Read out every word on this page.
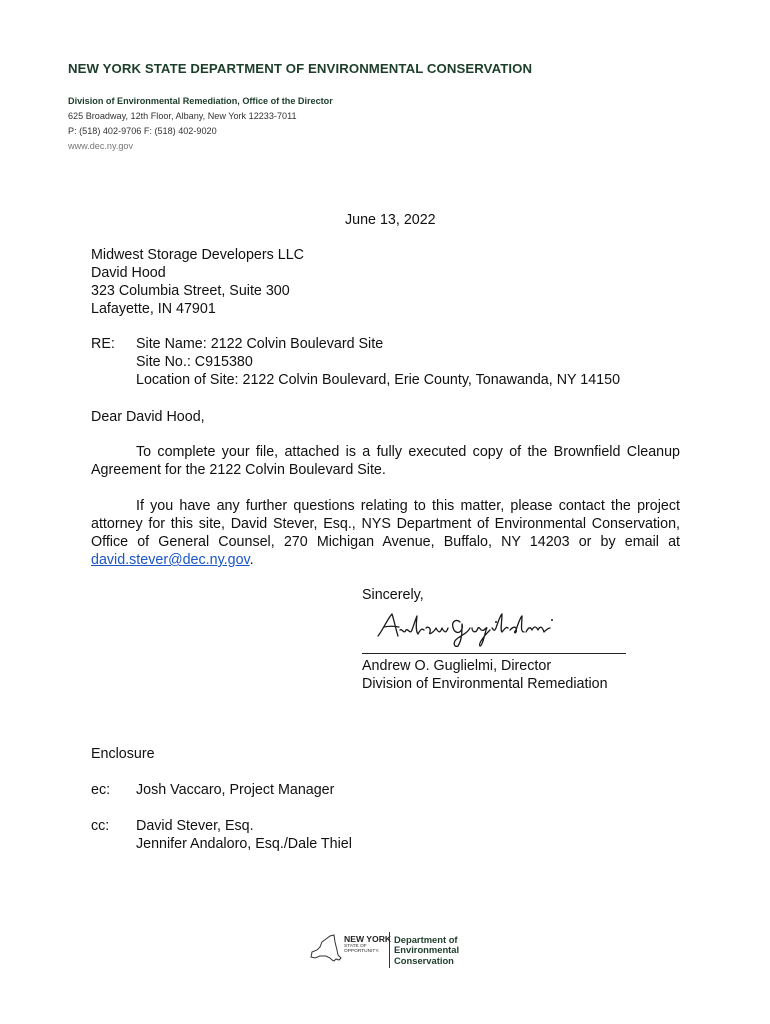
NEW YORK STATE DEPARTMENT OF ENVIRONMENTAL CONSERVATION
Division of Environmental Remediation, Office of the Director
625 Broadway, 12th Floor, Albany, New York 12233-7011
P: (518) 402-9706 F: (518) 402-9020
www.dec.ny.gov
June 13, 2022
Midwest Storage Developers LLC
David Hood
323 Columbia Street, Suite 300
Lafayette, IN 47901
RE: Site Name: 2122 Colvin Boulevard Site
Site No.: C915380
Location of Site: 2122 Colvin Boulevard, Erie County, Tonawanda, NY 14150
Dear David Hood,
To complete your file, attached is a fully executed copy of the Brownfield Cleanup Agreement for the 2122 Colvin Boulevard Site.
If you have any further questions relating to this matter, please contact the project attorney for this site, David Stever, Esq., NYS Department of Environmental Conservation, Office of General Counsel, 270 Michigan Avenue, Buffalo, NY 14203 or by email at david.stever@dec.ny.gov.
Sincerely,
Andrew O. Guglielmi, Director
Division of Environmental Remediation
Enclosure
ec: Josh Vaccaro, Project Manager
cc: David Stever, Esq.
Jennifer Andaloro, Esq./Dale Thiel
NEW YORK
STATE OF
OPPORTUNITY.
Department of
Environmental
Conservation
